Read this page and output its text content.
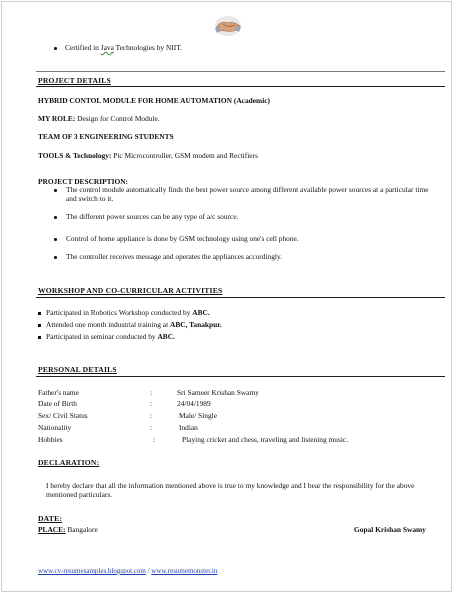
Certified in Java Technologies by NIIT.
PROJECT DETAILS
HYBRID CONTOL MODULE FOR HOME AUTOMATION (Academic)
MY ROLE: Design for Control Module.
TEAM OF 3 ENGINEERING STUDENTS
TOOLS & Technology: Pic Microcontroller, GSM modem and Rectifiers
PROJECT DESCRIPTION:
The control module automatically finds the best power source among different available power sources at a particular time and switch to it.
The different power sources can be any type of a/c source.
Control of home appliance is done by GSM technology using one's cell phone.
The controller receives message and operates the appliances accordingly.
WORKSHOP AND CO-CURRICULAR ACTIVITIES
Participated in Robotics Workshop conducted by ABC.
Attended one month industrial training at ABC, Tanakpur.
Participated in seminar conducted by ABC.
PERSONAL DETAILS
Father's name	:	Sri Sameer Krishan Swamy
Date of Birth	:	24/04/1989
Sex/ Civil Status	:	Male/ Single
Nationality	:	Indian
Hobbies	:	Playing cricket and chess, traveling and listening music.
DECLARATION:
I hereby declare that all the information mentioned above is true to my knowledge and I bear the responsibility for the above mentioned particulars.
DATE:
PLACE: Bangalore	Gopal Krishan Swamy
www.cv-resumesamples.blogspot.com / www.resumemonster.in
